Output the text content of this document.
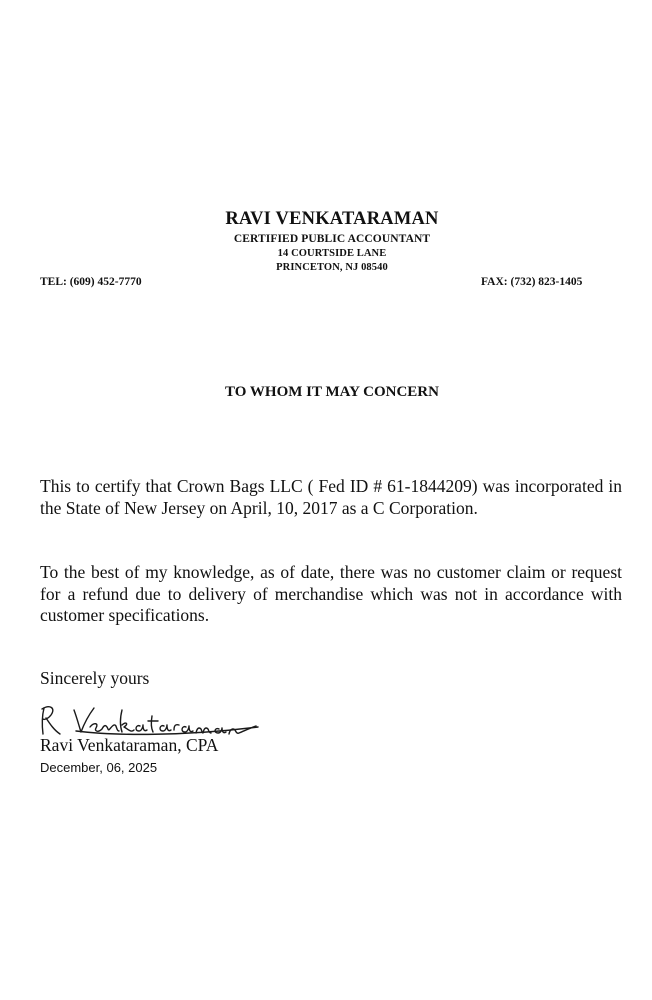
RAVI VENKATARAMAN
CERTIFIED PUBLIC ACCOUNTANT
14 COURTSIDE LANE
PRINCETON, NJ 08540
TEL: (609) 452-7770	FAX: (732) 823-1405
TO WHOM IT MAY CONCERN
This to certify that Crown Bags LLC ( Fed ID # 61-1844209) was incorporated in the State of New Jersey on April, 10, 2017 as a C Corporation.
To the best of my knowledge, as of date, there was no customer claim or request for a refund due to delivery of merchandise which was not in accordance with customer specifications.
Sincerely yours
Ravi Venkataraman, CPA
December, 06, 2025
